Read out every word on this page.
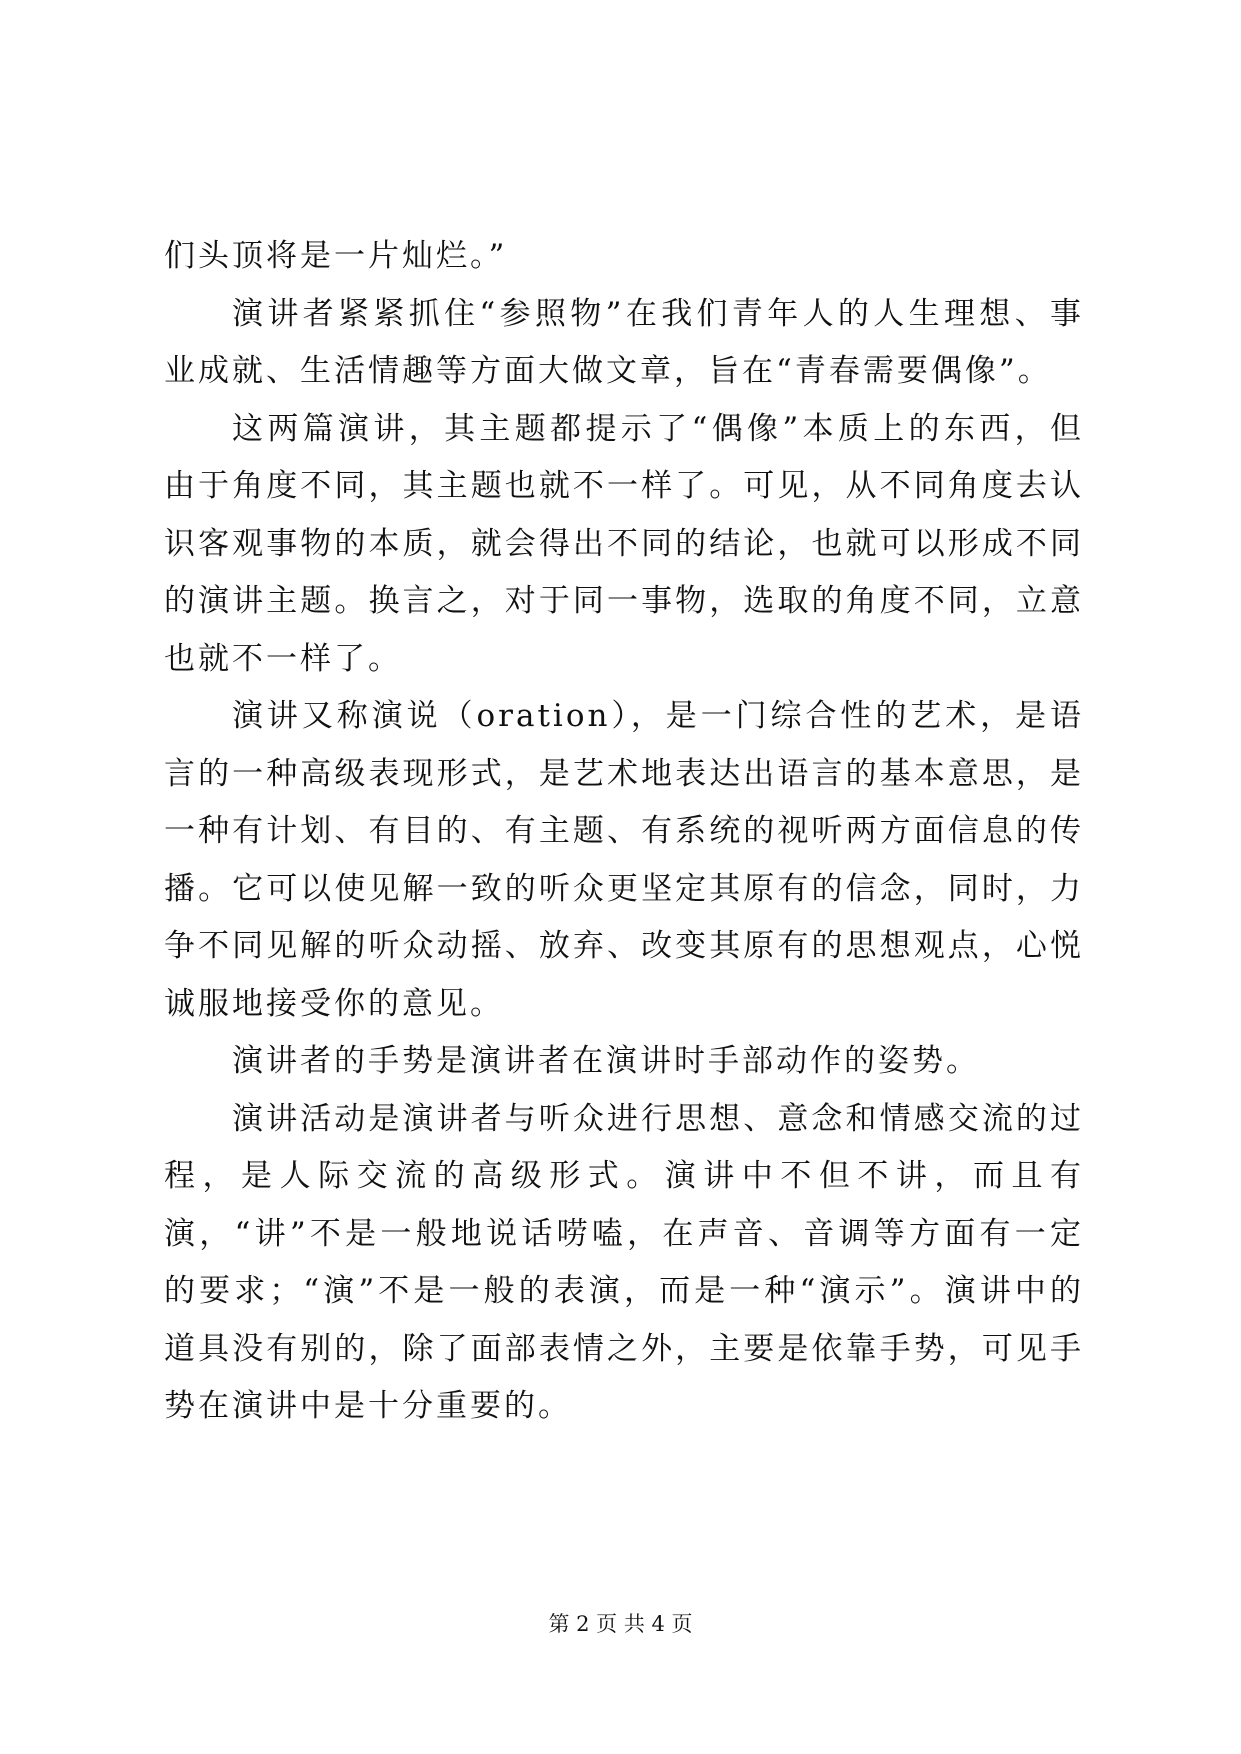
们头顶将是一片灿烂。”

演讲者紧紧抓住“参照物”在我们青年人的人生理想、事业成就、生活情趣等方面大做文章，旨在“青春需要偶像”。

这两篇演讲，其主题都提示了“偶像”本质上的东西，但由于角度不同，其主题也就不一样了。可见，从不同角度去认识客观事物的本质，就会得出不同的结论，也就可以形成不同的演讲主题。换言之，对于同一事物，选取的角度不同，立意也就不一样了。

演讲又称演说（oration），是一门综合性的艺术，是语言的一种高级表现形式，是艺术地表达出语言的基本意思，是一种有计划、有目的、有主题、有系统的视听两方面信息的传播。它可以使见解一致的听众更坚定其原有的信念，同时，力争不同见解的听众动摇、放弃、改变其原有的思想观点，心悦诚服地接受你的意见。

演讲者的手势是演讲者在演讲时手部动作的姿势。

演讲活动是演讲者与听众进行思想、意念和情感交流的过程，是人际交流的高级形式。演讲中不但不讲，而且有演，“讲”不是一般地说话唠嗑，在声音、音调等方面有一定的要求；“演”不是一般的表演，而是一种“演示”。演讲中的道具没有别的，除了面部表情之外，主要是依靠手势，可见手势在演讲中是十分重要的。

第 2 页 共 4 页
